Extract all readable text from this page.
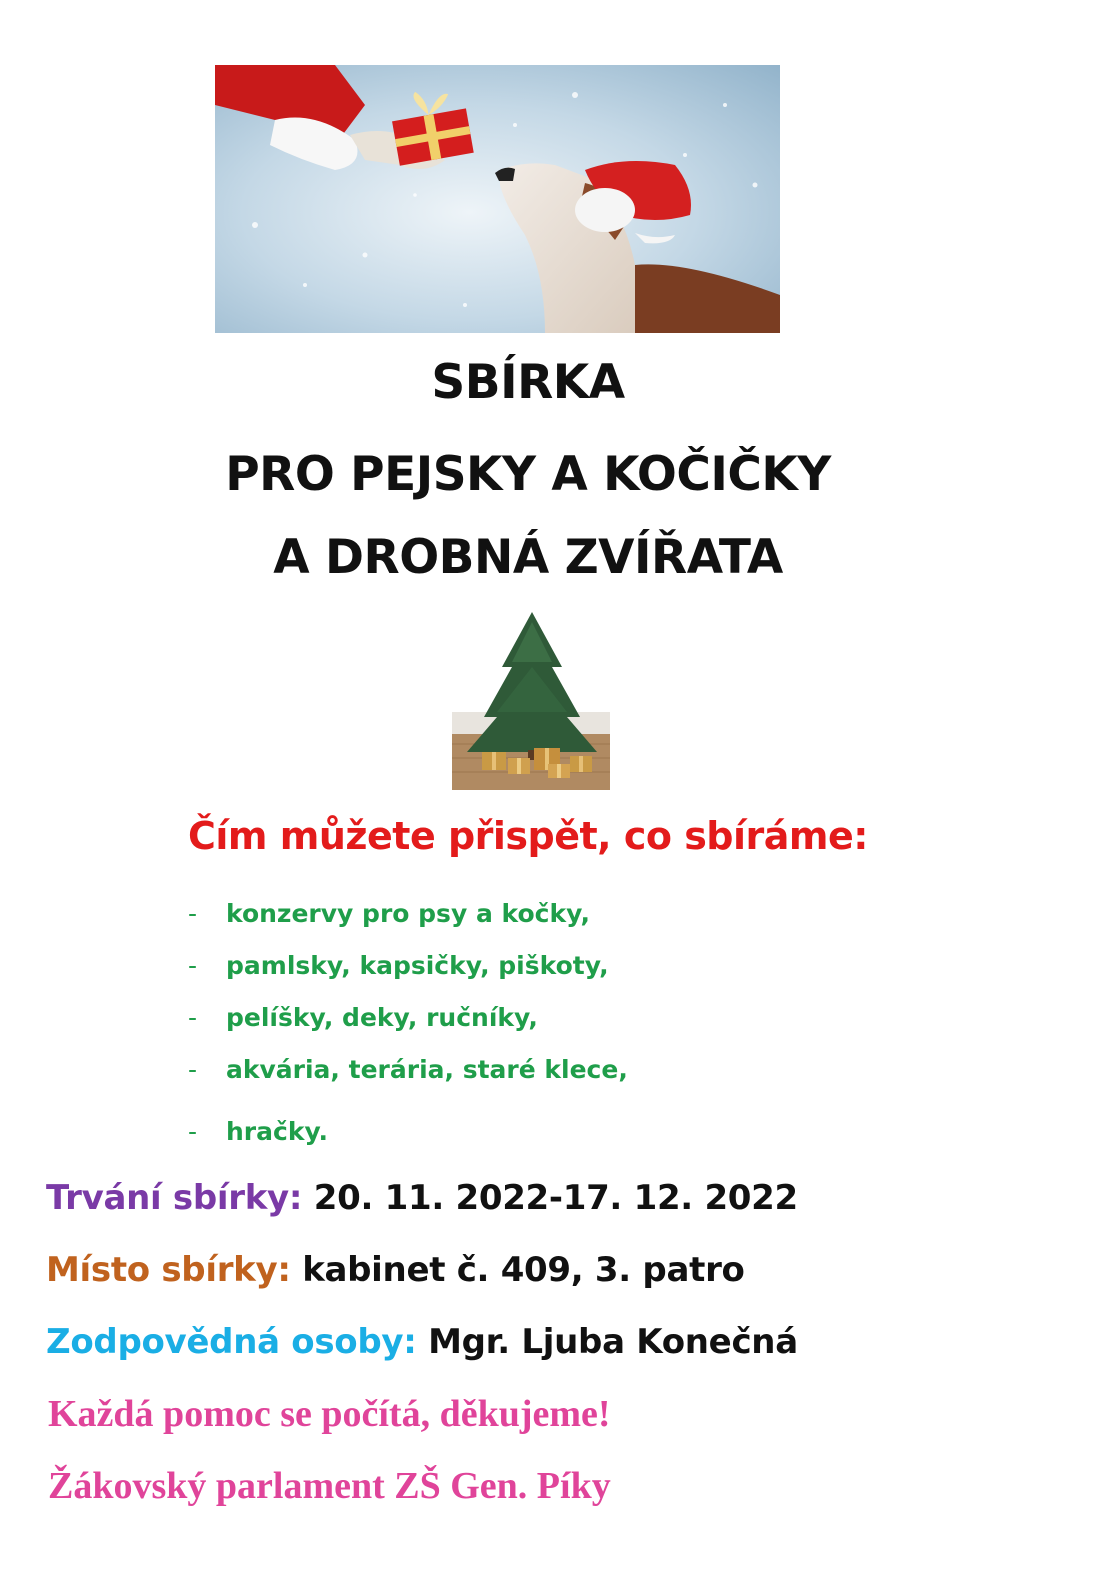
SBÍRKA
PRO PEJSKY A KOČIČKY
A DROBNÁ ZVÍŘATA
Čím můžete přispět, co sbíráme:
- konzervy pro psy a kočky,
- pamlsky, kapsičky, piškoty,
- pelíšky, deky, ručníky,
- akvária, terária, staré klece,
- hračky.
Trvání sbírky: 20. 11. 2022-17. 12. 2022
Místo sbírky: kabinet č. 409, 3. patro
Zodpovědná osoby: Mgr. Ljuba Konečná
Každá pomoc se počítá, děkujeme!
Žákovský parlament ZŠ Gen. Píky
